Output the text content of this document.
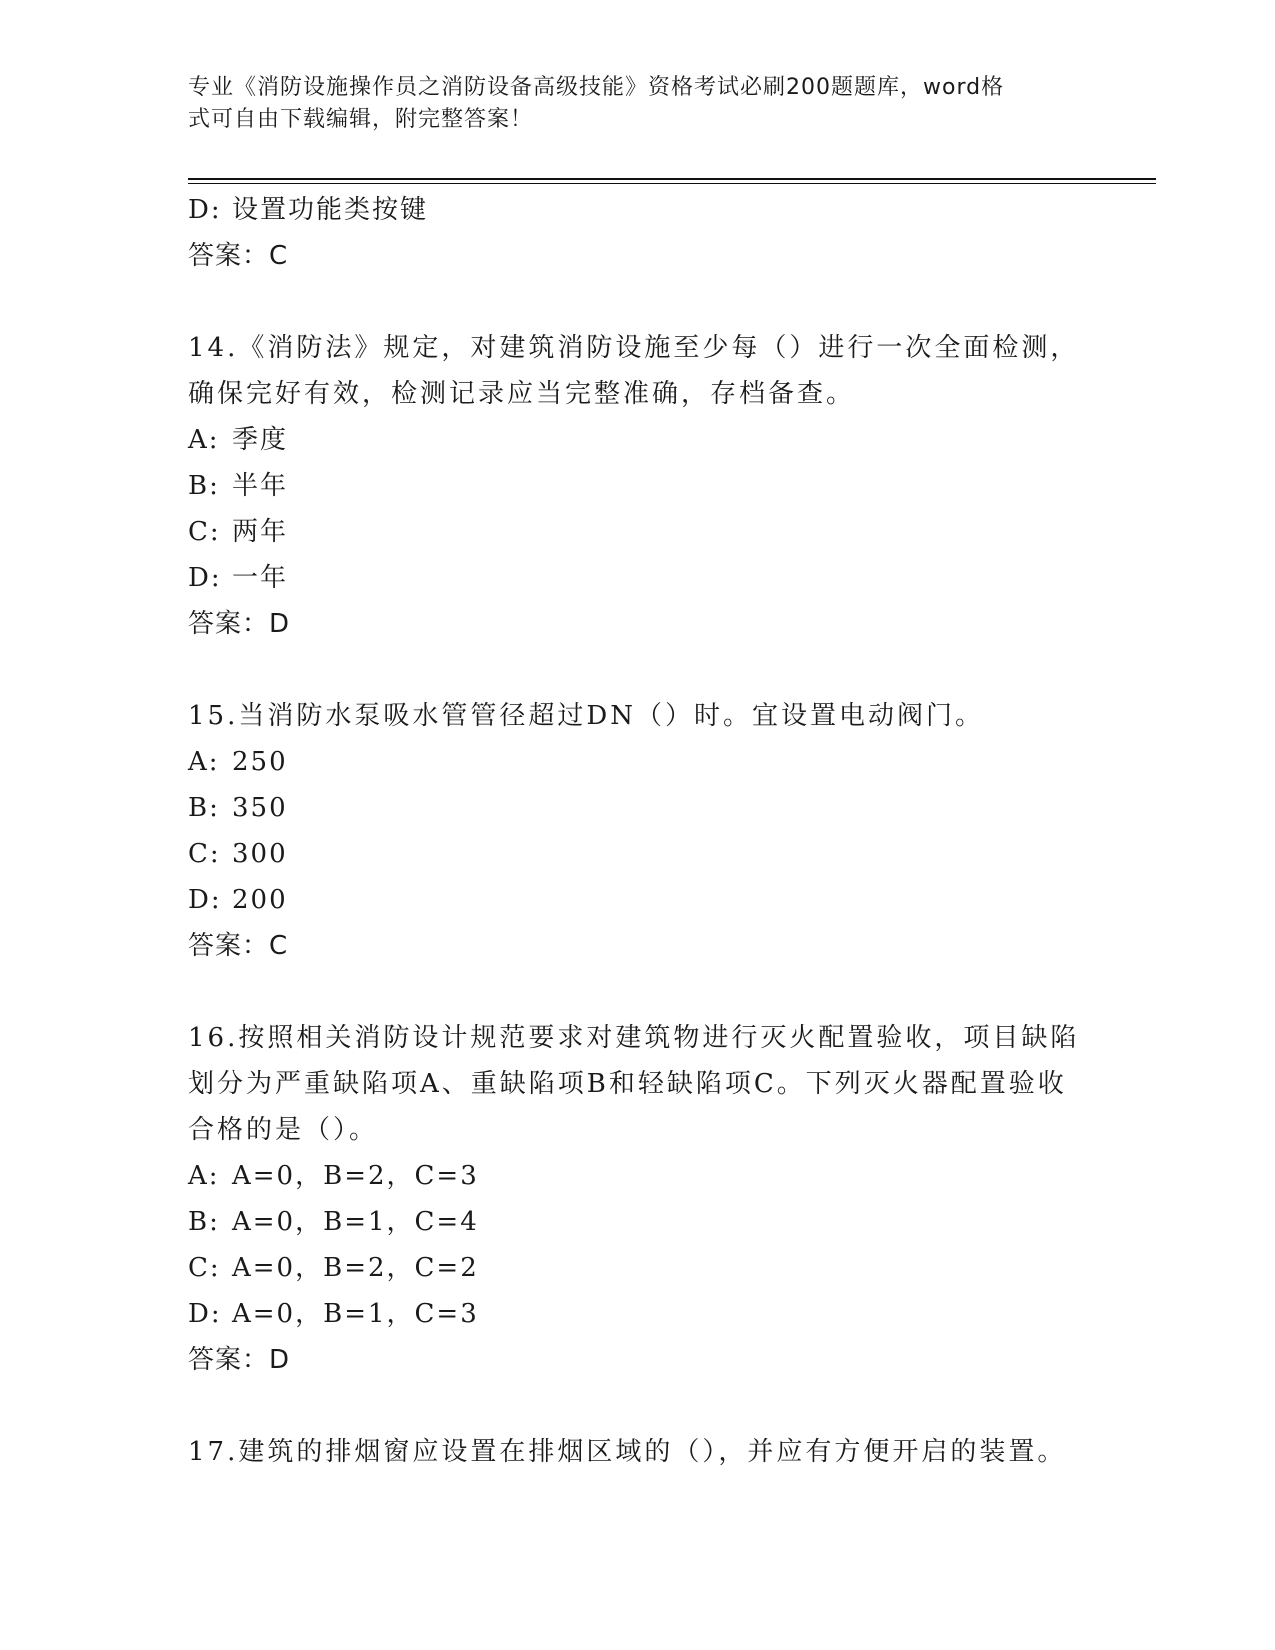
专业《消防设施操作员之消防设备高级技能》资格考试必刷200题题库，word格
式可自由下载编辑，附完整答案！
D: 设置功能类按键
答案：C
14.《消防法》规定，对建筑消防设施至少每（）进行一次全面检测，
确保完好有效，检测记录应当完整准确，存档备查。
A: 季度
B: 半年
C: 两年
D: 一年
答案：D
15.当消防水泵吸水管管径超过DN（）时。宜设置电动阀门。
A: 250
B: 350
C: 300
D: 200
答案：C
16.按照相关消防设计规范要求对建筑物进行灭火配置验收，项目缺陷
划分为严重缺陷项A、重缺陷项B和轻缺陷项C。下列灭火器配置验收
合格的是（）。
A: A=0，B=2，C=3
B: A=0，B=1，C=4
C: A=0，B=2，C=2
D: A=0，B=1，C=3
答案：D
17.建筑的排烟窗应设置在排烟区域的（），并应有方便开启的装置。
